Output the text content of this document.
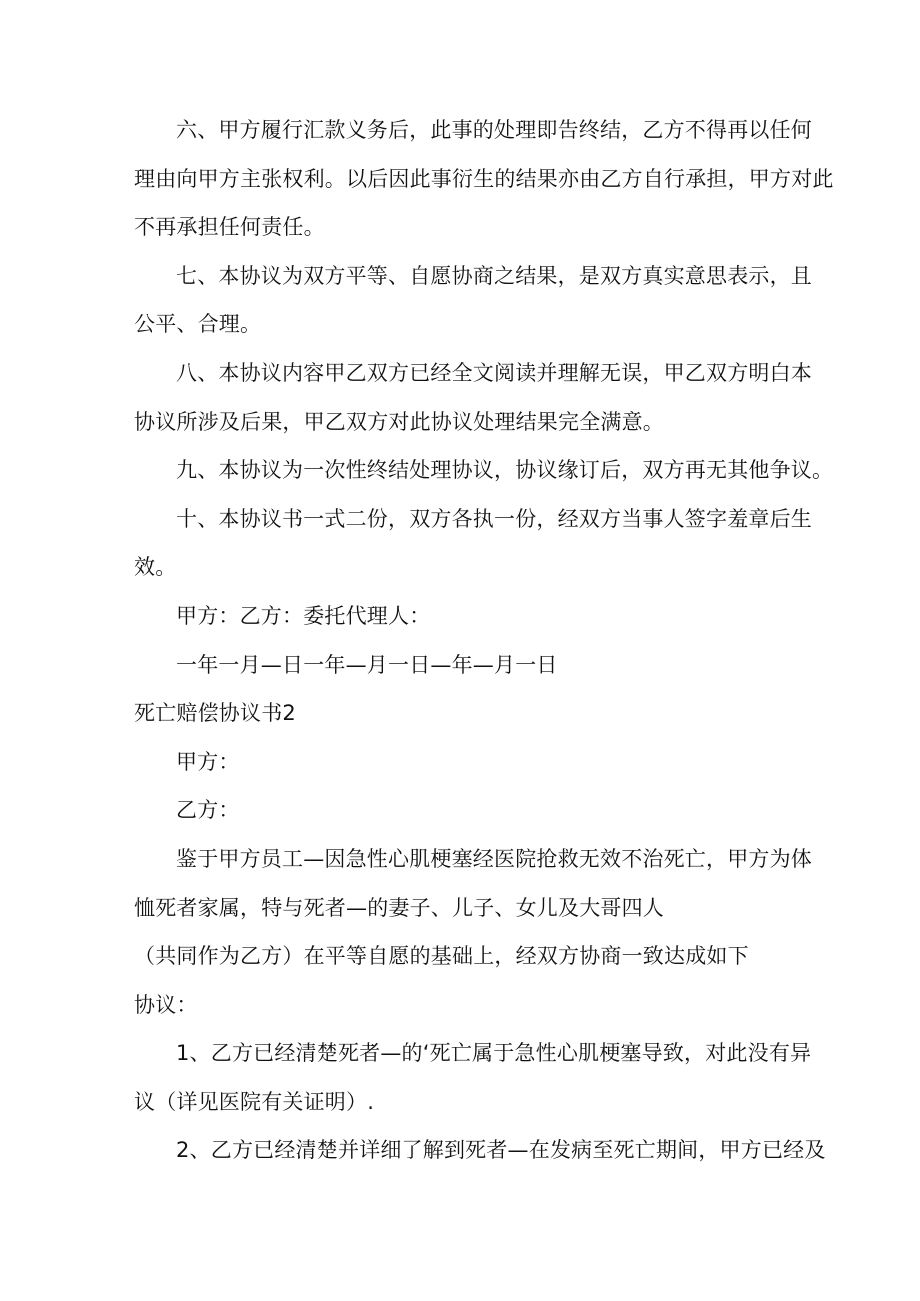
六、甲方履行汇款义务后，此事的处理即告终结，乙方不得再以任何
理由向甲方主张权利。以后因此事衍生的结果亦由乙方自行承担，甲方对此
不再承担任何责任。
七、本协议为双方平等、自愿协商之结果，是双方真实意思表示，且
公平、合理。
八、本协议内容甲乙双方已经全文阅读并理解无误，甲乙双方明白本
协议所涉及后果，甲乙双方对此协议处理结果完全满意。
九、本协议为一次性终结处理协议，协议缘订后，双方再无其他争议。
十、本协议书一式二份，双方各执一份，经双方当事人签字羞章后生
效。
甲方：乙方：委托代理人：
一年一月—日一年—月一日—年—月一日
死亡赔偿协议书2
甲方：
乙方：
鉴于甲方员工—因急性心肌梗塞经医院抢救无效不治死亡，甲方为体
恤死者家属，特与死者—的妻子、儿子、女儿及大哥四人
（共同作为乙方）在平等自愿的基础上，经双方协商一致达成如下
协议：
1、乙方已经清楚死者—的‘死亡属于急性心肌梗塞导致，对此没有异
议（详见医院有关证明）.
2、乙方已经清楚并详细了解到死者—在发病至死亡期间，甲方已经及
